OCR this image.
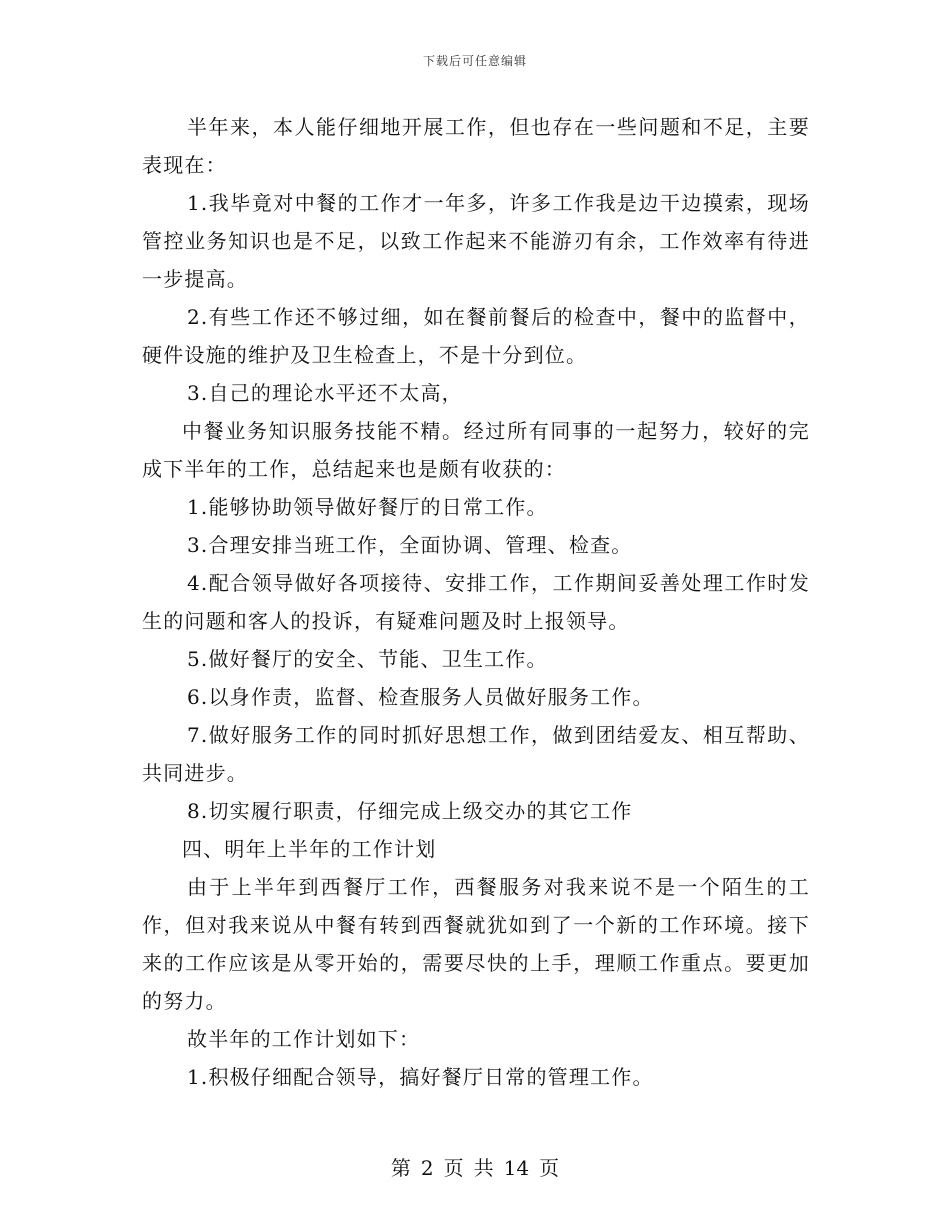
下载后可任意编辑

半年来，本人能仔细地开展工作，但也存在一些问题和不足，主要表现在：

1.我毕竟对中餐的工作才一年多，许多工作我是边干边摸索，现场管控业务知识也是不足，以致工作起来不能游刃有余，工作效率有待进一步提高。

2.有些工作还不够过细，如在餐前餐后的检查中，餐中的监督中，硬件设施的维护及卫生检查上，不是十分到位。

3.自己的理论水平还不太高，

中餐业务知识服务技能不精。经过所有同事的一起努力，较好的完成下半年的工作，总结起来也是颇有收获的：

1.能够协助领导做好餐厅的日常工作。

3.合理安排当班工作，全面协调、管理、检查。

4.配合领导做好各项接待、安排工作，工作期间妥善处理工作时发生的问题和客人的投诉，有疑难问题及时上报领导。

5.做好餐厅的安全、节能、卫生工作。

6.以身作责，监督、检查服务人员做好服务工作。

7.做好服务工作的同时抓好思想工作，做到团结爱友、相互帮助、共同进步。

8.切实履行职责，仔细完成上级交办的其它工作

四、明年上半年的工作计划

由于上半年到西餐厅工作，西餐服务对我来说不是一个陌生的工作，但对我来说从中餐有转到西餐就犹如到了一个新的工作环境。接下来的工作应该是从零开始的，需要尽快的上手，理顺工作重点。要更加的努力。

故半年的工作计划如下：

1.积极仔细配合领导，搞好餐厅日常的管理工作。

第 2 页 共 14 页
